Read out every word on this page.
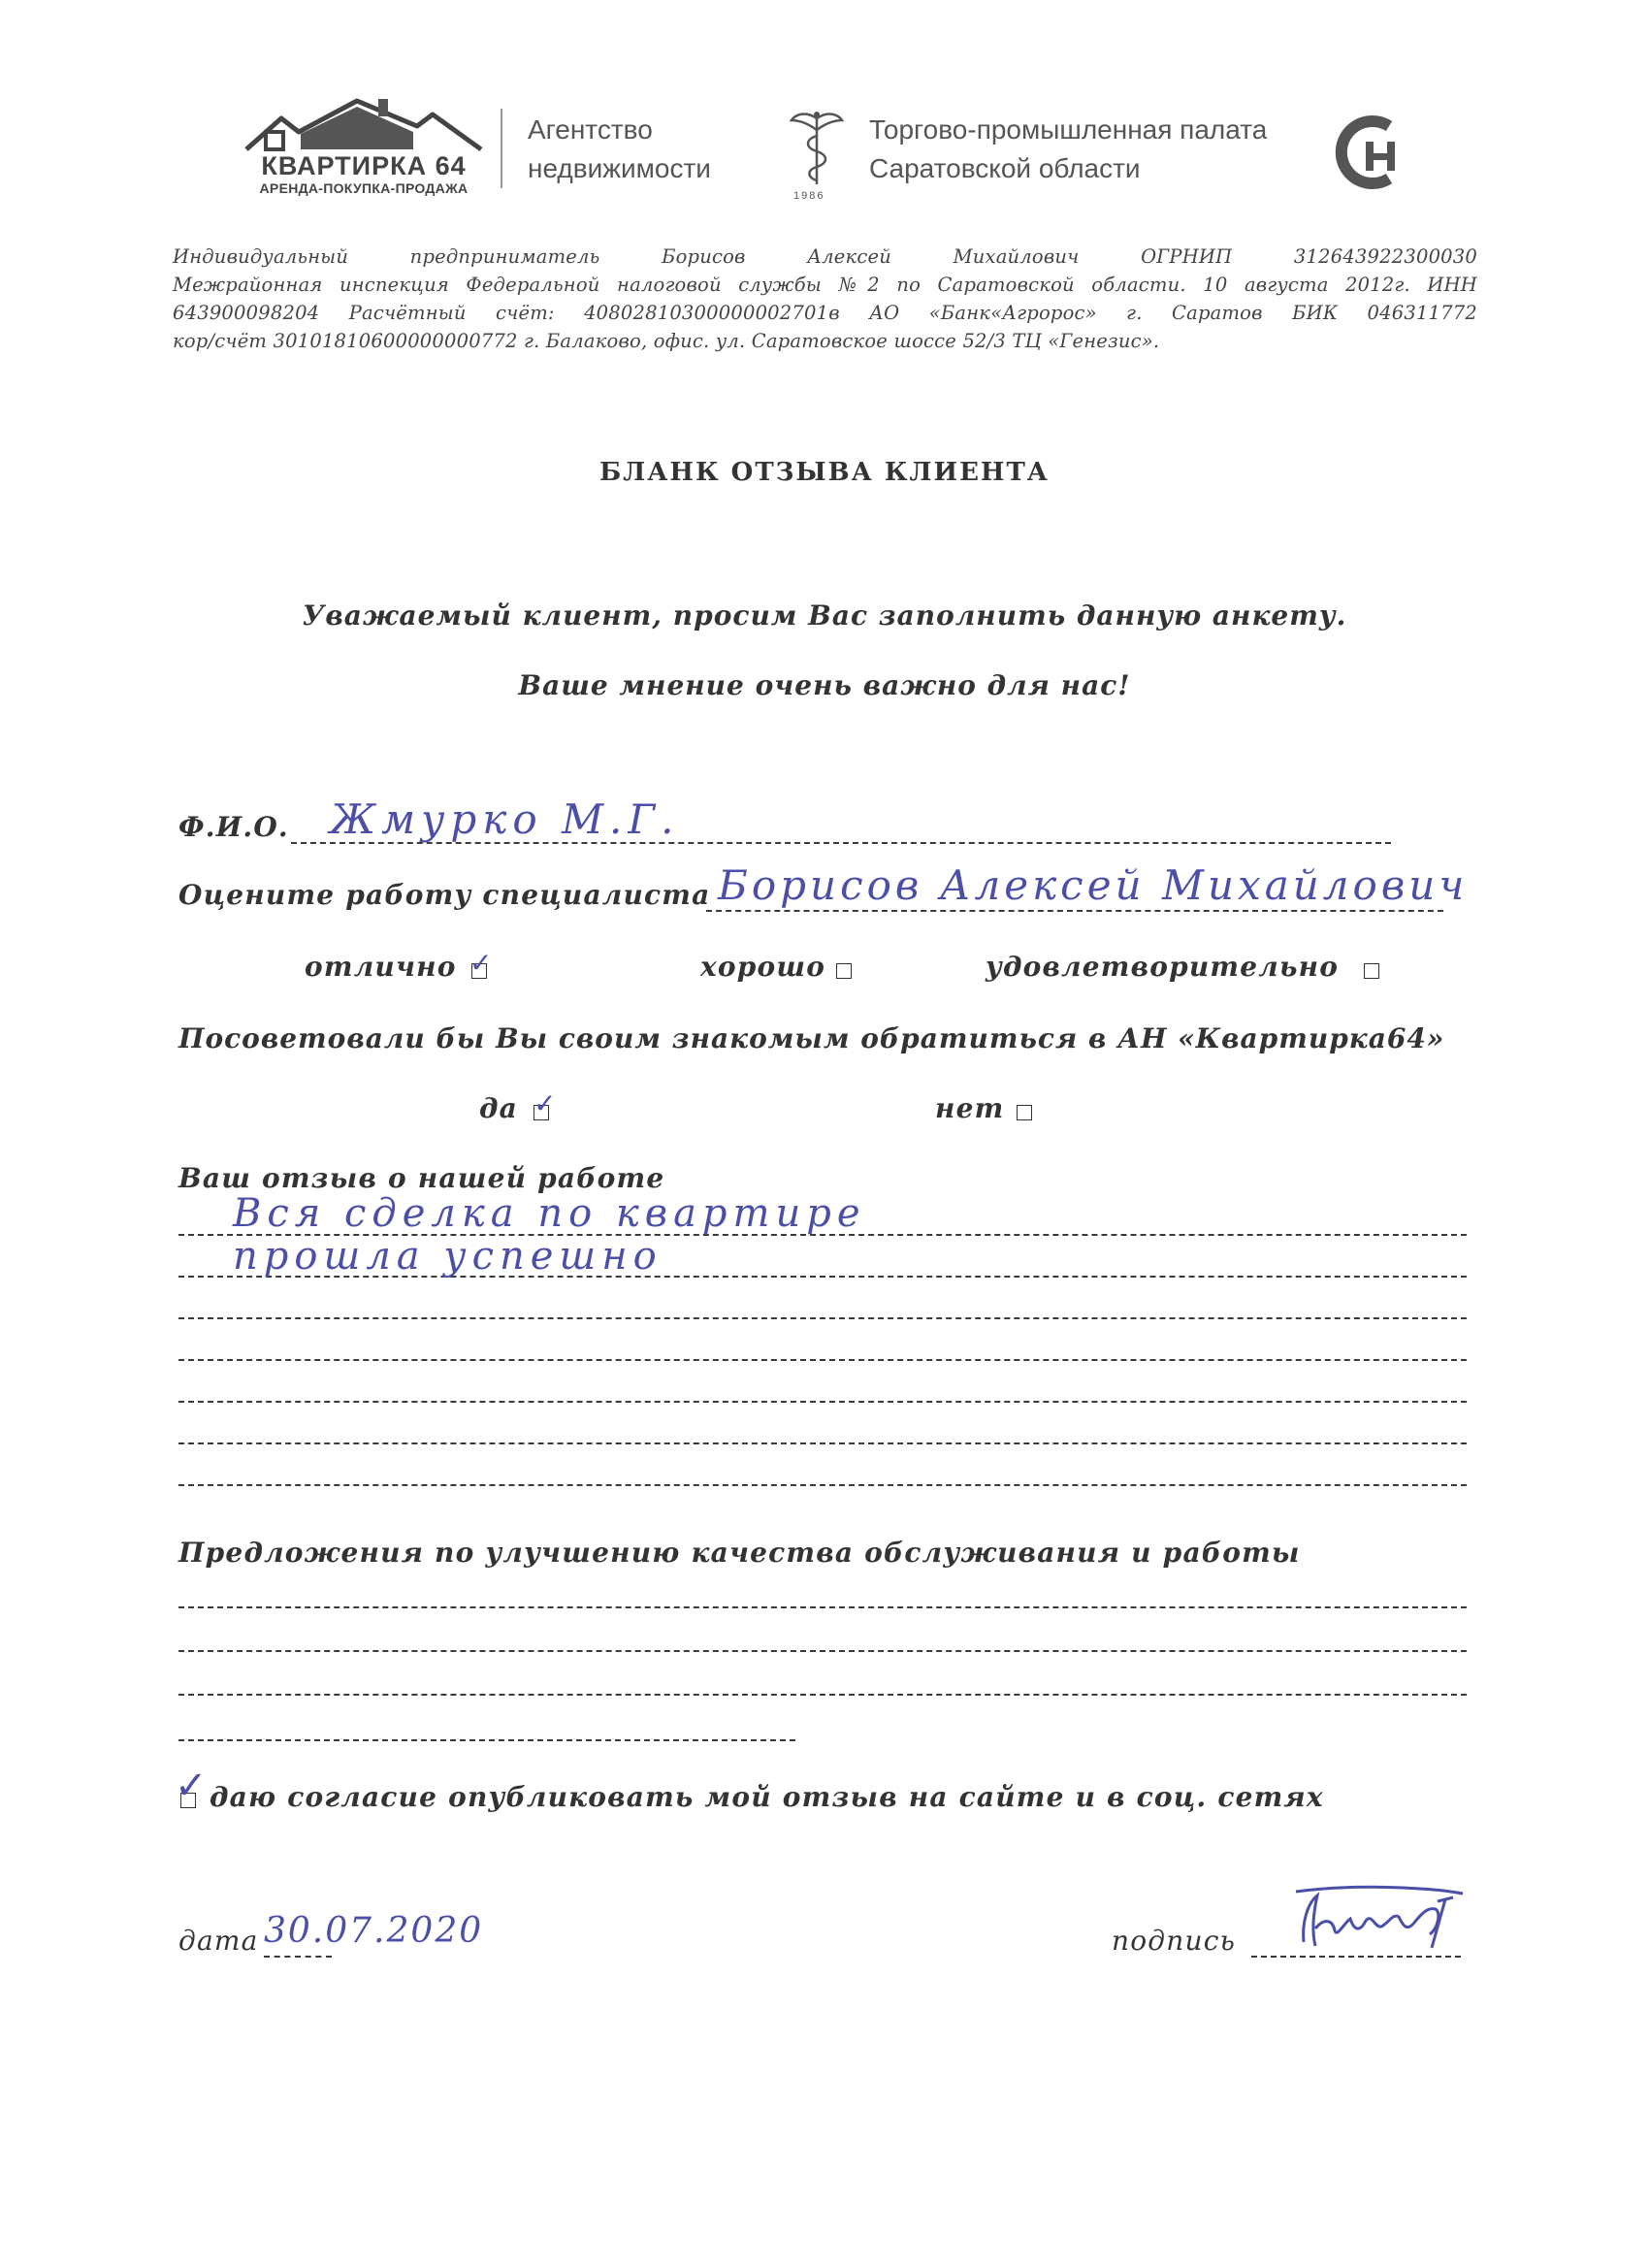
КВАРТИРКА 64
АРЕНДА-ПОКУПКА-ПРОДАЖА
Агентство
недвижимости
1986
Торгово-промышленная палата
Саратовской области
Индивидуальный предприниматель Борисов Алексей Михайлович ОГРНИП 312643922300030
Межрайонная инспекция Федеральной налоговой службы №2 по Саратовской области. 10 августа 2012г. ИНН
643900098204 Расчётный счёт: 40802810300000002701в АО «Банк«Агророс» г. Саратов БИК 046311772
кор/счёт 30101810600000000772 г. Балаково, офис. ул. Саратовское шоссе 52/3 ТЦ «Генезис».
БЛАНК ОТЗЫВА КЛИЕНТА
Уважаемый клиент, просим Вас заполнить данную анкету.
Ваше мнение очень важно для нас!
Ф.И.О. Жмурко М.Г.
Оцените работу специалиста Борисов Алексей Михайлович
отлично ✓	хорошо	удовлетворительно
Посоветовали бы Вы своим знакомым обратиться в АН «Квартирка64»
да ✓	нет
Ваш отзыв о нашей работе
Вся сделка по квартире
прошла успешно
Предложения по улучшению качества обслуживания и работы
✓ даю согласие опубликовать мой отзыв на сайте и в соц. сетях
дата 30.07.2020	подпись
